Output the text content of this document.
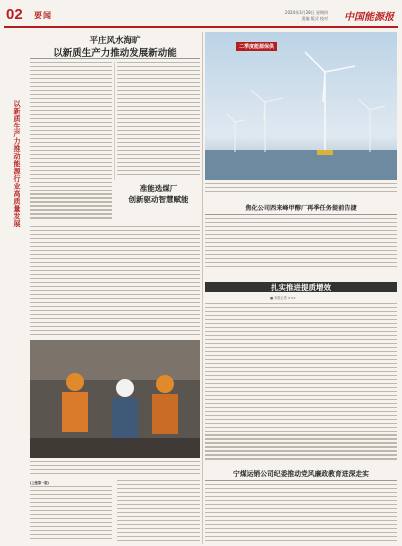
02 要闻	2024年3月28日 星期四
责编 版式 校对 中国能源报
以新质生产力推动能源行业高质量发展
平庄风水海旷
以新质生产力推动发展新动能
准能选煤厂
创新驱动智慧赋能
二季度能源保供
焦化公司西来峰甲醇厂再季任务提前告捷
扎实推进提质增效
■ 本报记者 ×××
(上接第一版)
宁煤运销公司纪委推动党风廉政教育进深走实
